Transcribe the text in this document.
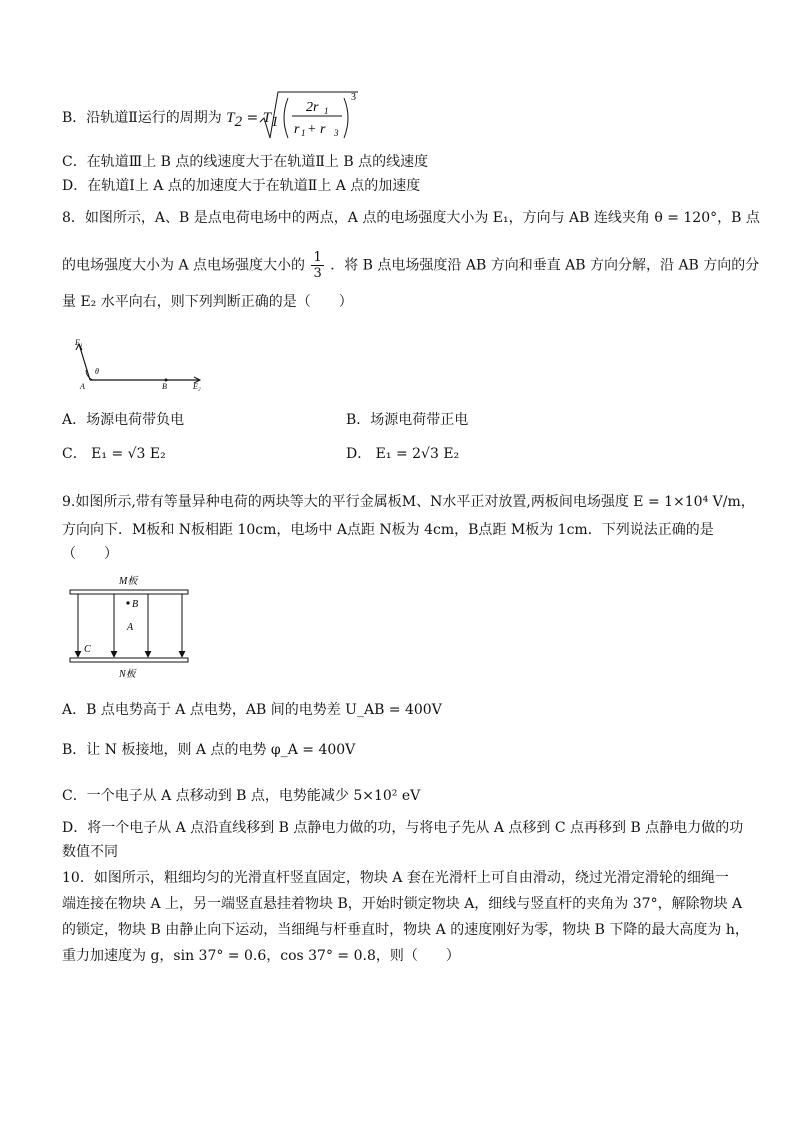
B．沿轨道Ⅱ运行的周期为 $T_2 = T_1$
2r 1
r 1 + r 3
3
C．在轨道Ⅲ上 B 点的线速度大于在轨道Ⅱ上 B 点的线速度
D．在轨道Ⅰ上 A 点的加速度大于在轨道Ⅱ上 A 点的加速度
8．如图所示，A、B 是点电荷电场中的两点，A 点的电场强度大小为 E₁，方向与 AB 连线夹角 θ = 120°，B 点
的电场强度大小为 A 点电场强度大小的 $\frac{1}{3}$ ．将 B 点电场强度沿 AB 方向和垂直 AB 方向分解，沿 AB 方向的分
量 E₂ 水平向右，则下列判断正确的是（　　）
E₁
θ
A	B	E₂
A．场源电荷带负电	B．场源电荷带正电
C． E₁ = √3 E₂	D． E₁ = 2√3 E₂
9.如图所示,带有等量异种电荷的两块等大的平行金属板M、N水平正对放置,两板间电场强度 E = 1×10⁴ V/m，
方向向下．M板和 N板相距 10cm，电场中 A点距 N板为 4cm，B点距 M板为 1cm．下列说法正确的是
（　　）
M板
B
A
C
N板
A．B 点电势高于 A 点电势，AB 间的电势差 U_AB = 400V
B．让 N 板接地，则 A 点的电势 φ_A = 400V
C．一个电子从 A 点移动到 B 点，电势能减少 5×10² eV
D．将一个电子从 A 点沿直线移到 B 点静电力做的功，与将电子先从 A 点移到 C 点再移到 B 点静电力做的功
数值不同
10．如图所示，粗细均匀的光滑直杆竖直固定，物块 A 套在光滑杆上可自由滑动，绕过光滑定滑轮的细绳一
端连接在物块 A 上，另一端竖直悬挂着物块 B，开始时锁定物块 A，细线与竖直杆的夹角为 37°，解除物块 A
的锁定，物块 B 由静止向下运动，当细绳与杆垂直时，物块 A 的速度刚好为零，物块 B 下降的最大高度为 h，
重力加速度为 g，sin 37° = 0.6，cos 37° = 0.8，则（　　）
